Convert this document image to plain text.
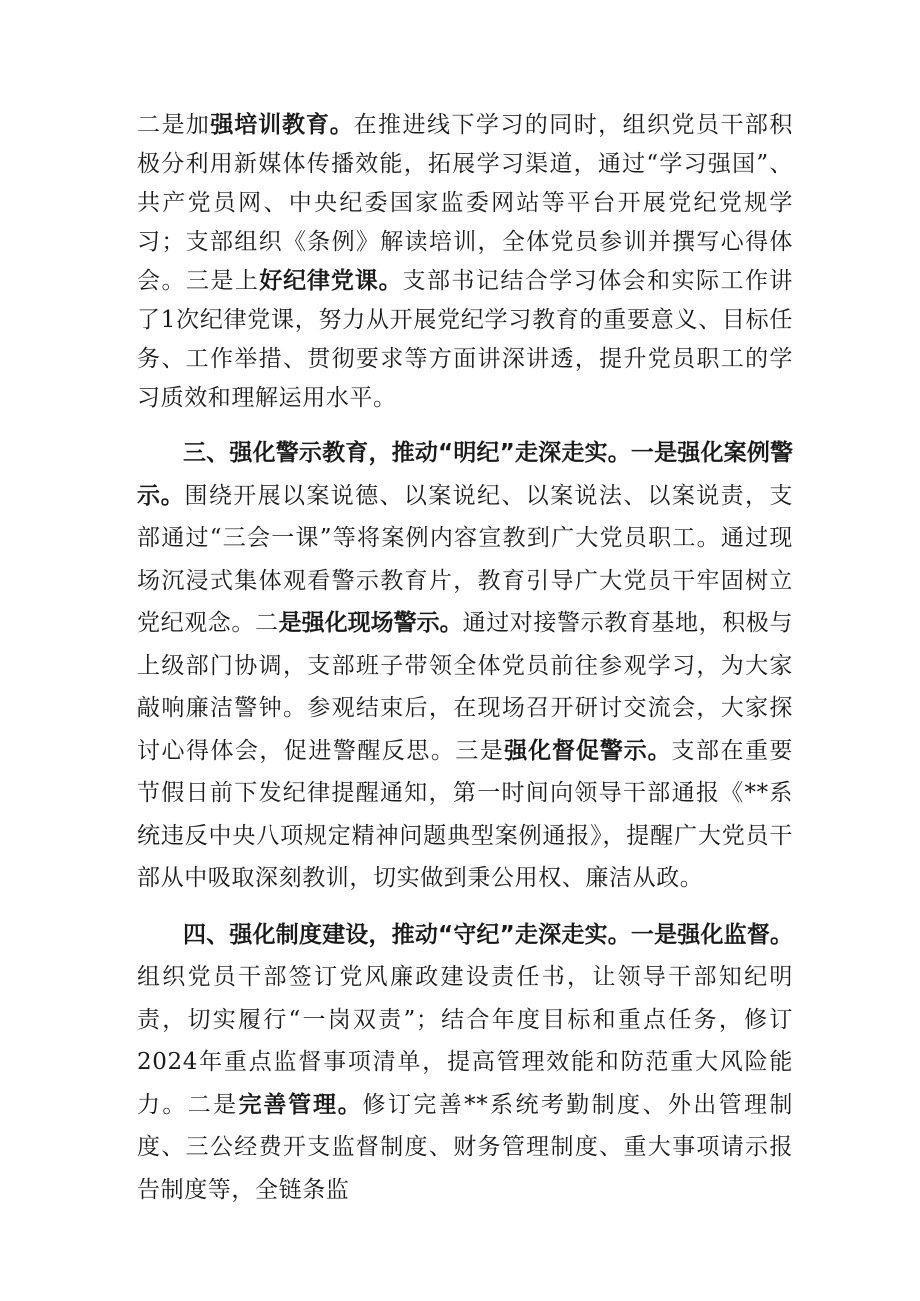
二是加强培训教育。在推进线下学习的同时，组织党员干部积极分利用新媒体传播效能，拓展学习渠道，通过“学习强国”、共产党员网、中央纪委国家监委网站等平台开展党纪党规学习；支部组织《条例》解读培训，全体党员参训并撰写心得体会。三是上好纪律党课。支部书记结合学习体会和实际工作讲了1次纪律党课，努力从开展党纪学习教育的重要意义、目标任务、工作举措、贯彻要求等方面讲深讲透，提升党员职工的学习质效和理解运用水平。

三、强化警示教育，推动“明纪”走深走实。一是强化案例警示。围绕开展以案说德、以案说纪、以案说法、以案说责，支部通过“三会一课”等将案例内容宣教到广大党员职工。通过现场沉浸式集体观看警示教育片，教育引导广大党员干牢固树立党纪观念。二是强化现场警示。通过对接警示教育基地，积极与上级部门协调，支部班子带领全体党员前往参观学习，为大家敲响廉洁警钟。参观结束后，在现场召开研讨交流会，大家探讨心得体会，促进警醒反思。三是强化督促警示。支部在重要节假日前下发纪律提醒通知，第一时间向领导干部通报《**系统违反中央八项规定精神问题典型案例通报》，提醒广大党员干部从中吸取深刻教训，切实做到秉公用权、廉洁从政。

四、强化制度建设，推动“守纪”走深走实。一是强化监督。组织党员干部签订党风廉政建设责任书，让领导干部知纪明责，切实履行“一岗双责”；结合年度目标和重点任务，修订2024年重点监督事项清单，提高管理效能和防范重大风险能力。二是完善管理。修订完善**系统考勤制度、外出管理制度、三公经费开支监督制度、财务管理制度、重大事项请示报告制度等，全链条监
